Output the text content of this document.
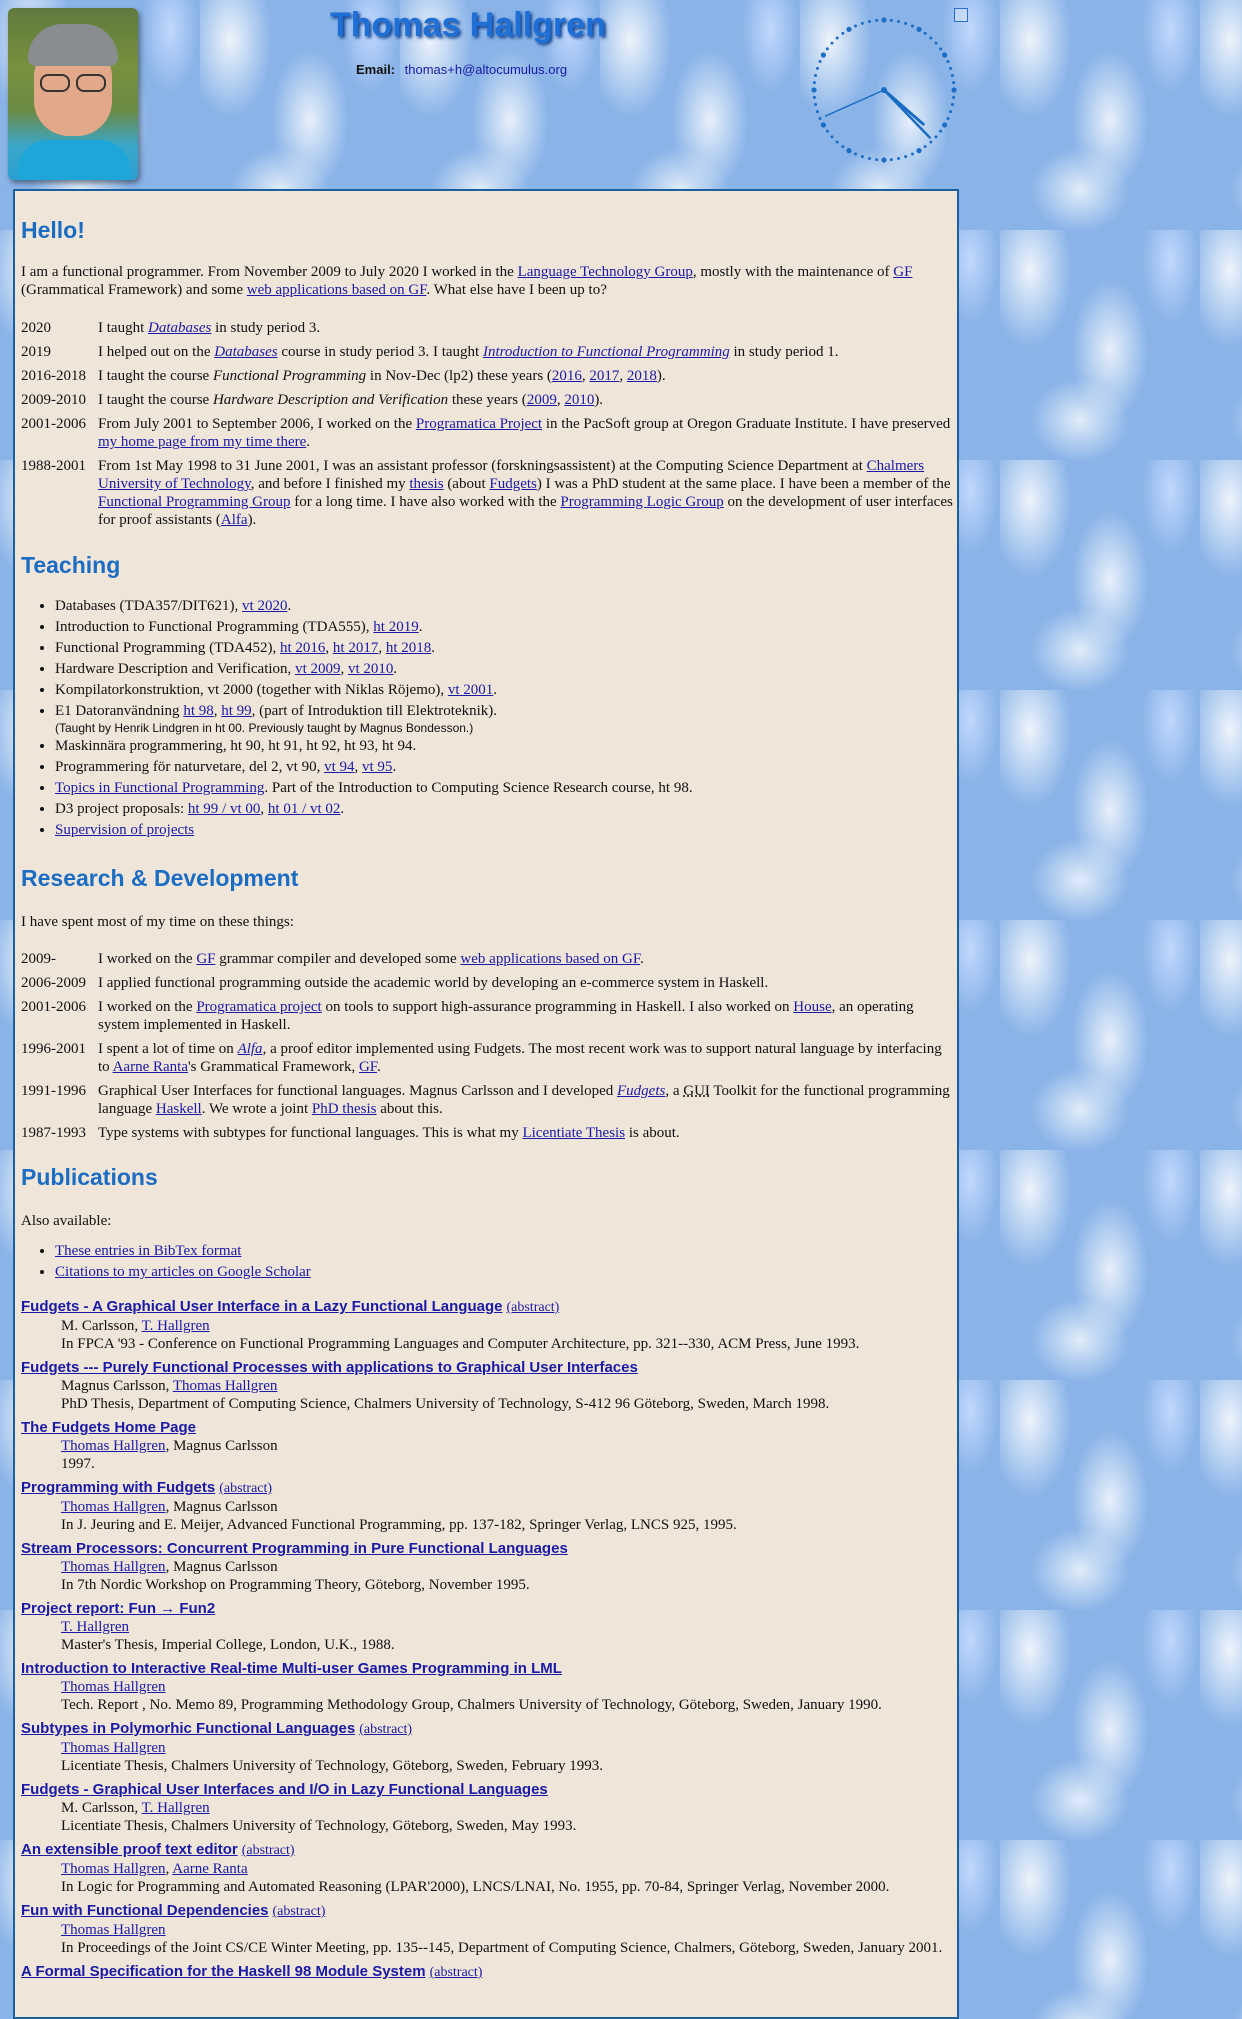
Thomas Hallgren
Email: thomas+h@altocumulus.org
Hello!

I am a functional programmer. From November 2009 to July 2020 I worked in the Language Technology Group, mostly with the maintenance of GF (Grammatical Framework) and some web applications based on GF. What else have I been up to?

2020	I taught Databases in study period 3.
2019	I helped out on the Databases course in study period 3. I taught Introduction to Functional Programming in study period 1.
2016-2018	I taught the course Functional Programming in Nov-Dec (lp2) these years (2016, 2017, 2018).
2009-2010	I taught the course Hardware Description and Verification these years (2009, 2010).
2001-2006	From July 2001 to September 2006, I worked on the Programatica Project in the PacSoft group at Oregon Graduate Institute. I have preserved my home page from my time there.
1988-2001	From 1st May 1998 to 31 June 2001, I was an assistant professor (forskningsassistent) at the Computing Science Department at Chalmers University of Technology, and before I finished my thesis (about Fudgets) I was a PhD student at the same place. I have been a member of the Functional Programming Group for a long time. I have also worked with the Programming Logic Group on the development of user interfaces for proof assistants (Alfa).
Teaching
• Databases (TDA357/DIT621), vt 2020.
• Introduction to Functional Programming (TDA555), ht 2019.
• Functional Programming (TDA452), ht 2016, ht 2017, ht 2018.
• Hardware Description and Verification, vt 2009, vt 2010.
• Kompilatorkonstruktion, vt 2000 (together with Niklas Röjemo), vt 2001.
• E1 Datoranvändning ht 98, ht 99, (part of Introduktion till Elektroteknik).
(Taught by Henrik Lindgren in ht 00. Previously taught by Magnus Bondesson.)
• Maskinnära programmering, ht 90, ht 91, ht 92, ht 93, ht 94.
• Programmering för naturvetare, del 2, vt 90, vt 94, vt 95.
• Topics in Functional Programming. Part of the Introduction to Computing Science Research course, ht 98.
• D3 project proposals: ht 99 / vt 00, ht 01 / vt 02.
• Supervision of projects
Research & Development

I have spent most of my time on these things:

2009-	I worked on the GF grammar compiler and developed some web applications based on GF.
2006-2009	I applied functional programming outside the academic world by developing an e-commerce system in Haskell.
2001-2006	I worked on the Programatica project on tools to support high-assurance programming in Haskell. I also worked on House, an operating system implemented in Haskell.
1996-2001	I spent a lot of time on Alfa, a proof editor implemented using Fudgets. The most recent work was to support natural language by interfacing to Aarne Ranta's Grammatical Framework, GF.
1991-1996	Graphical User Interfaces for functional languages. Magnus Carlsson and I developed Fudgets, a GUI Toolkit for the functional programming language Haskell. We wrote a joint PhD thesis about this.
1987-1993	Type systems with subtypes for functional languages. This is what my Licentiate Thesis is about.
Publications

Also available:

• These entries in BibTex format
• Citations to my articles on Google Scholar
Fudgets - A Graphical User Interface in a Lazy Functional Language (abstract)
M. Carlsson, T. Hallgren
In FPCA '93 - Conference on Functional Programming Languages and Computer Architecture, pp. 321--330, ACM Press, June 1993.
Fudgets --- Purely Functional Processes with applications to Graphical User Interfaces
Magnus Carlsson, Thomas Hallgren
PhD Thesis, Department of Computing Science, Chalmers University of Technology, S-412 96 Göteborg, Sweden, March 1998.
The Fudgets Home Page
Thomas Hallgren, Magnus Carlsson
1997.
Programming with Fudgets (abstract)
Thomas Hallgren, Magnus Carlsson
In J. Jeuring and E. Meijer, Advanced Functional Programming, pp. 137-182, Springer Verlag, LNCS 925, 1995.
Stream Processors: Concurrent Programming in Pure Functional Languages
Thomas Hallgren, Magnus Carlsson
In 7th Nordic Workshop on Programming Theory, Göteborg, November 1995.
Project report: Fun → Fun2
T. Hallgren
Master's Thesis, Imperial College, London, U.K., 1988.
Introduction to Interactive Real-time Multi-user Games Programming in LML
Thomas Hallgren
Tech. Report , No. Memo 89, Programming Methodology Group, Chalmers University of Technology, Göteborg, Sweden, January 1990.
Subtypes in Polymorhic Functional Languages (abstract)
Thomas Hallgren
Licentiate Thesis, Chalmers University of Technology, Göteborg, Sweden, February 1993.
Fudgets - Graphical User Interfaces and I/O in Lazy Functional Languages
M. Carlsson, T. Hallgren
Licentiate Thesis, Chalmers University of Technology, Göteborg, Sweden, May 1993.
An extensible proof text editor (abstract)
Thomas Hallgren, Aarne Ranta
In Logic for Programming and Automated Reasoning (LPAR'2000), LNCS/LNAI, No. 1955, pp. 70-84, Springer Verlag, November 2000.
Fun with Functional Dependencies (abstract)
Thomas Hallgren
In Proceedings of the Joint CS/CE Winter Meeting, pp. 135--145, Department of Computing Science, Chalmers, Göteborg, Sweden, January 2001.
A Formal Specification for the Haskell 98 Module System (abstract)
